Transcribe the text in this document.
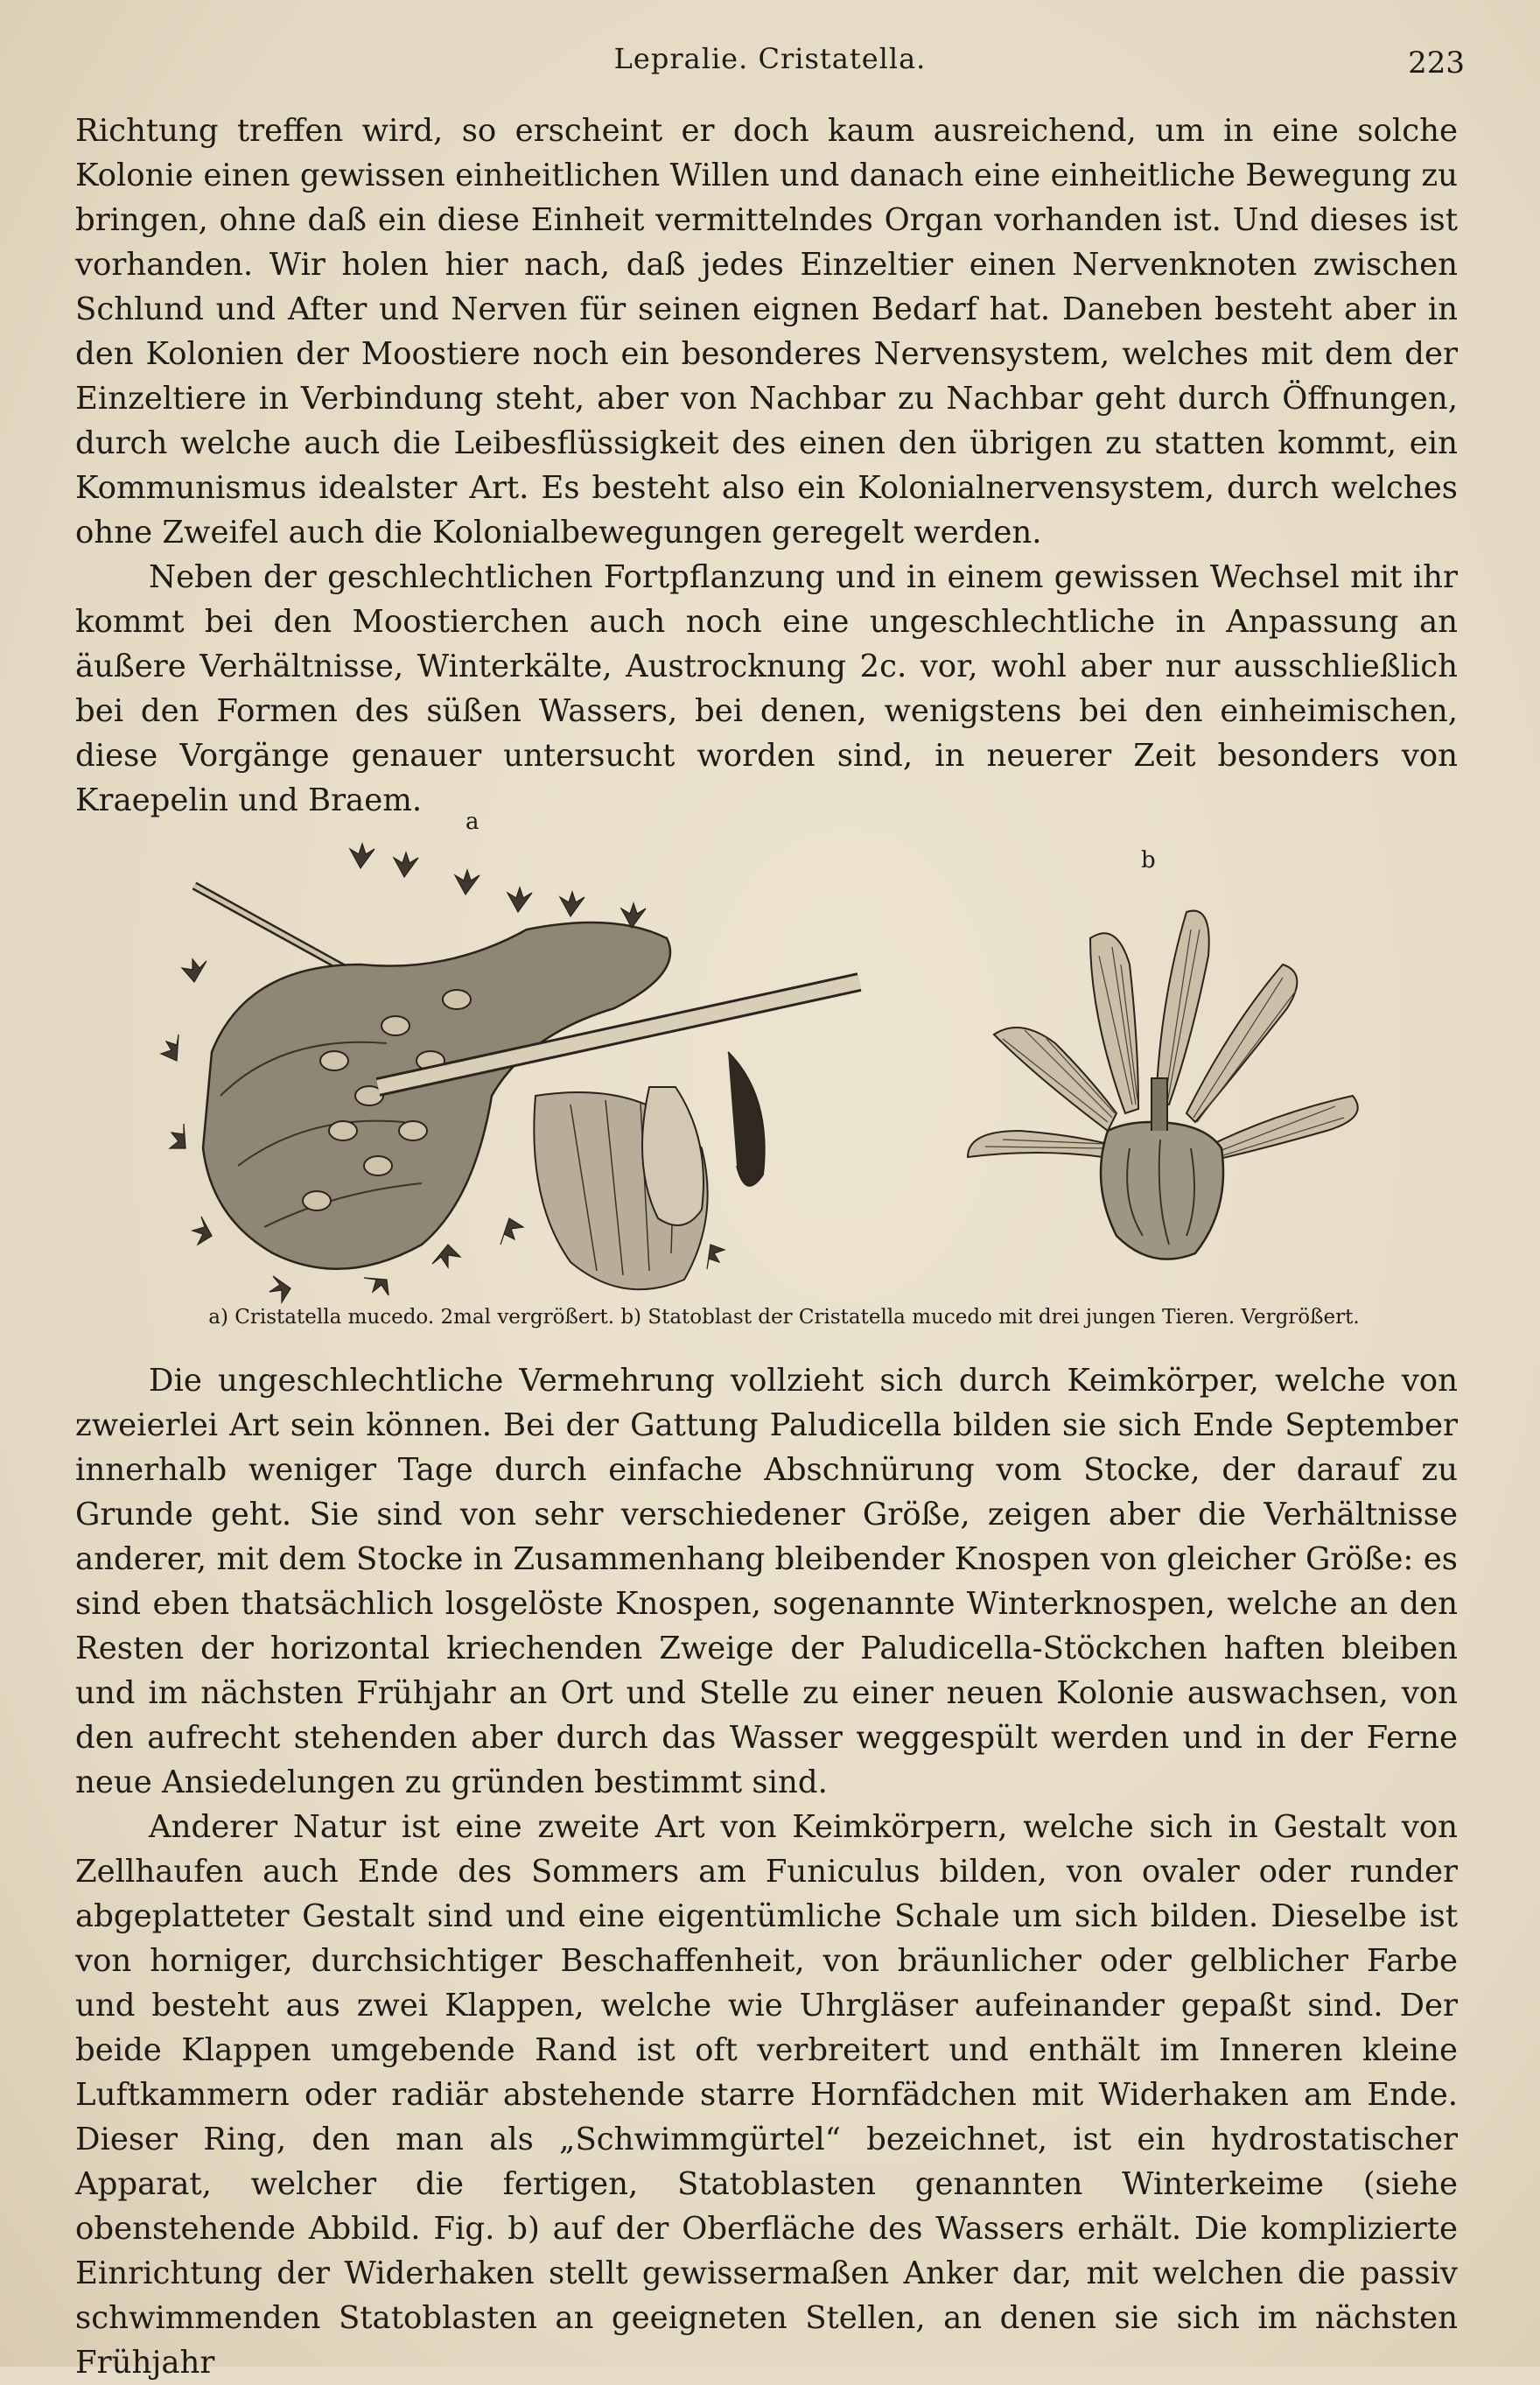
Lepralie. Cristatella.	223

Richtung treffen wird, so erscheint er doch kaum ausreichend, um in eine solche Kolonie einen gewissen einheitlichen Willen und danach eine einheitliche Bewegung zu bringen, ohne daß ein diese Einheit vermittelndes Organ vorhanden ist. Und dieses ist vorhanden. Wir holen hier nach, daß jedes Einzeltier einen Nervenknoten zwischen Schlund und After und Nerven für seinen eignen Bedarf hat. Daneben besteht aber in den Kolonien der Moostiere noch ein besonderes Nervensystem, welches mit dem der Einzeltiere in Verbindung steht, aber von Nachbar zu Nachbar geht durch Öffnungen, durch welche auch die Leibesflüssigkeit des einen den übrigen zu statten kommt, ein Kommunismus idealster Art. Es besteht also ein Kolonialnervensystem, durch welches ohne Zweifel auch die Kolonialbewegungen geregelt werden.

Neben der geschlechtlichen Fortpflanzung und in einem gewissen Wechsel mit ihr kommt bei den Moostierchen auch noch eine ungeschlechtliche in Anpassung an äußere Verhältnisse, Winterkälte, Austrocknung 2c. vor, wohl aber nur ausschließlich bei den Formen des süßen Wassers, bei denen, wenigstens bei den einheimischen, diese Vorgänge genauer untersucht worden sind, in neuerer Zeit besonders von Kraepelin und Braem.

a
b
a) Cristatella mucedo. 2mal vergrößert. b) Statoblast der Cristatella mucedo mit drei jungen Tieren. Vergrößert.

Die ungeschlechtliche Vermehrung vollzieht sich durch Keimkörper, welche von zweierlei Art sein können. Bei der Gattung Paludicella bilden sie sich Ende September innerhalb weniger Tage durch einfache Abschnürung vom Stocke, der darauf zu Grunde geht. Sie sind von sehr verschiedener Größe, zeigen aber die Verhältnisse anderer, mit dem Stocke in Zusammenhang bleibender Knospen von gleicher Größe: es sind eben thatsächlich losgelöste Knospen, sogenannte Winterknospen, welche an den Resten der horizontal kriechenden Zweige der Paludicella-Stöckchen haften bleiben und im nächsten Frühjahr an Ort und Stelle zu einer neuen Kolonie auswachsen, von den aufrecht stehenden aber durch das Wasser weggespült werden und in der Ferne neue Ansiedelungen zu gründen bestimmt sind.

Anderer Natur ist eine zweite Art von Keimkörpern, welche sich in Gestalt von Zellhaufen auch Ende des Sommers am Funiculus bilden, von ovaler oder runder abgeplatteter Gestalt sind und eine eigentümliche Schale um sich bilden. Dieselbe ist von horniger, durchsichtiger Beschaffenheit, von bräunlicher oder gelblicher Farbe und besteht aus zwei Klappen, welche wie Uhrgläser aufeinander gepaßt sind. Der beide Klappen umgebende Rand ist oft verbreitert und enthält im Inneren kleine Luftkammern oder radiär abstehende starre Hornfädchen mit Widerhaken am Ende. Dieser Ring, den man als „Schwimmgürtel“ bezeichnet, ist ein hydrostatischer Apparat, welcher die fertigen, Statoblasten genannten Winterkeime (siehe obenstehende Abbild. Fig. b) auf der Oberfläche des Wassers erhält. Die komplizierte Einrichtung der Widerhaken stellt gewissermaßen Anker dar, mit welchen die passiv schwimmenden Statoblasten an geeigneten Stellen, an denen sie sich im nächsten Frühjahr
